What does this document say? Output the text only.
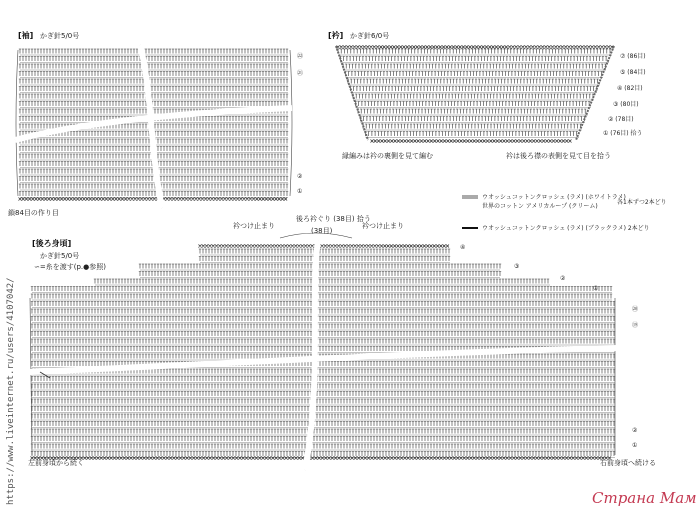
[袖] かぎ針5/0号
㉒
㉑
②
①
鎖84目の作り目
[衿] かぎ針6/0号
⑦ (86目)
⑤ (84目)
④ (82目)
③ (80目)
② (78目)
① (76目) 拾う
縁編みは衿の裏側を見て編む	衿は後ろ襟の表側を見て目を拾う
ウオッシュコットンクロッシェ (ラメ) (ホワイトラメ)
世界のコットン アメリカループ (クリーム)
各1本ずつ2本どり
ウオッシュコットンクロッシェ (ラメ) (ブラックラメ) 2本どり
[後ろ身頃]
かぎ針5/0号
∽=糸を渡す(p.●参照)
後ろ衿ぐり (38目) 拾う
(38目)
衿つけ止まり	衿つけ止まり
④
③
②
①
⑳
⑲
②
①
左前身頃から続く	右前身頃へ続ける
https://www.liveinternet.ru/users/4107042/	Страна Мам
